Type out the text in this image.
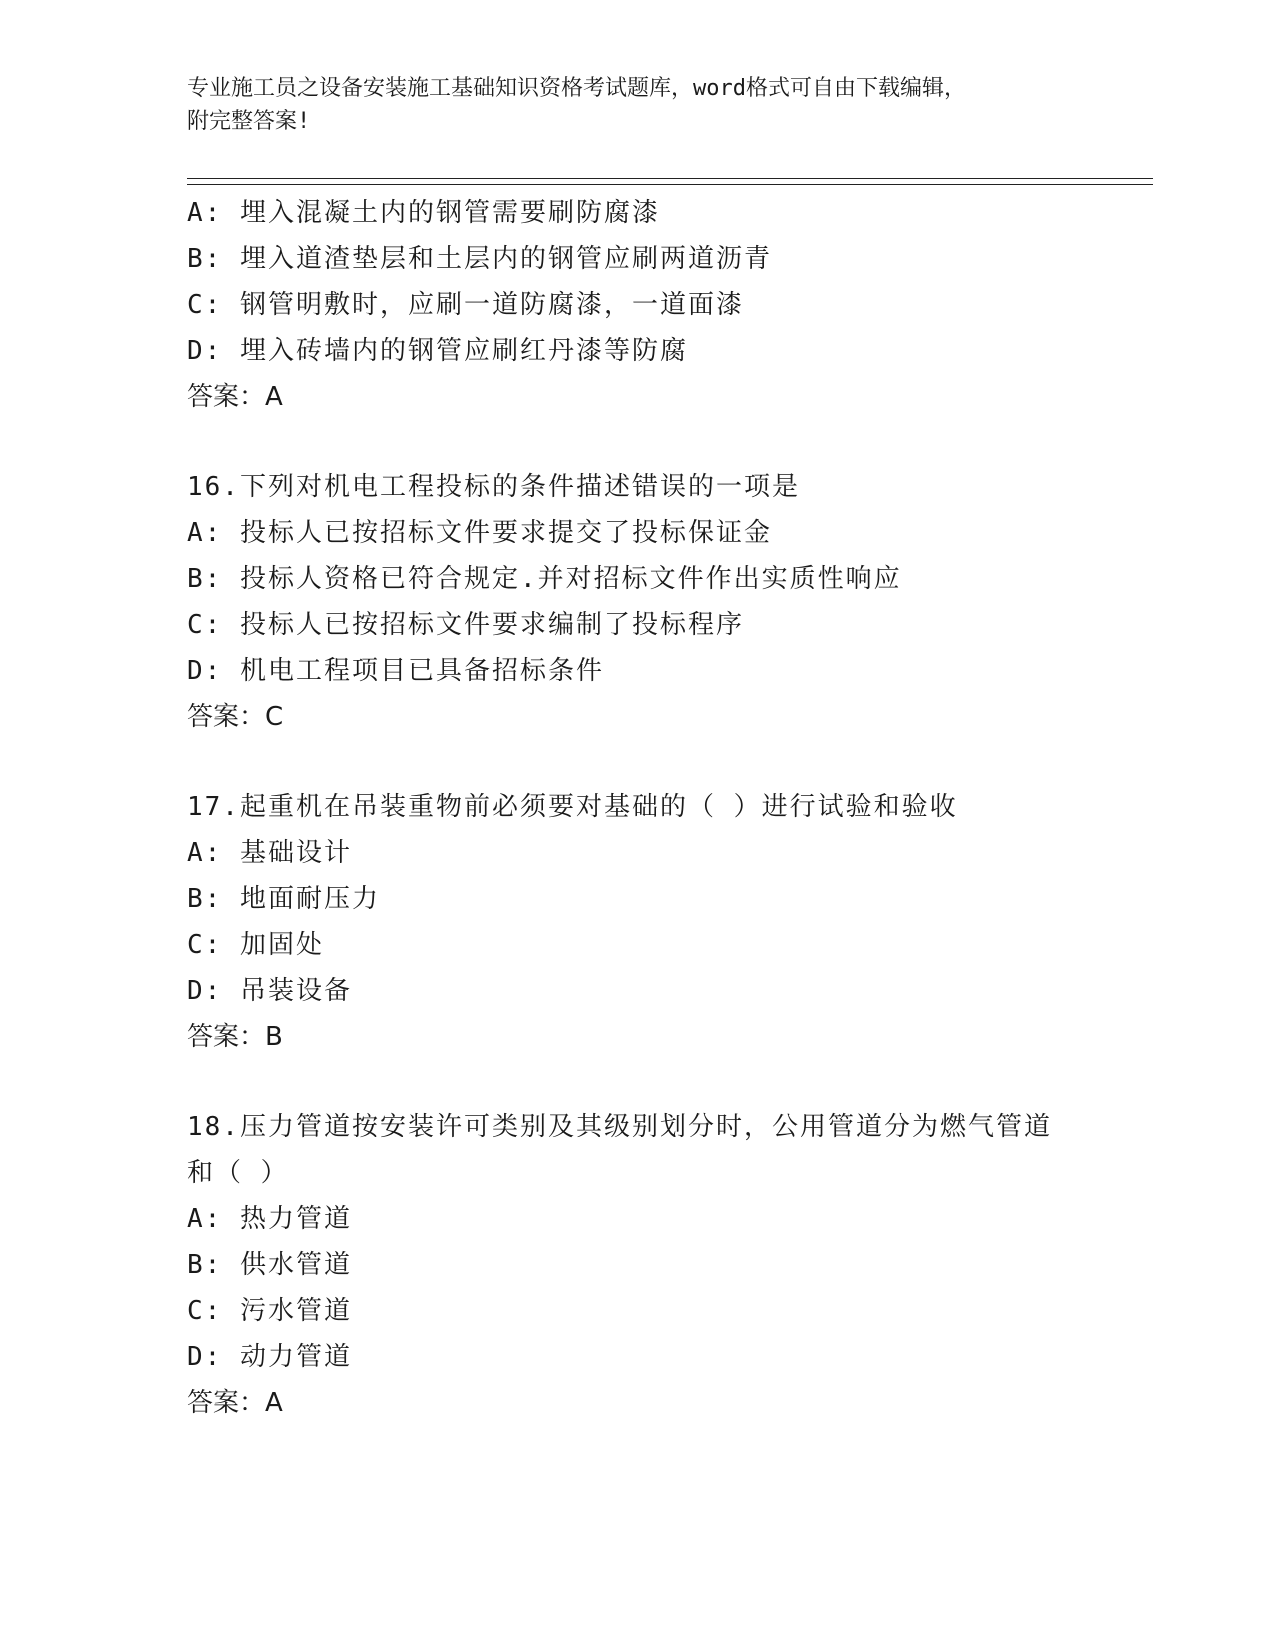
专业施工员之设备安装施工基础知识资格考试题库，word格式可自由下载编辑，
附完整答案!
A: 埋入混凝土内的钢管需要刷防腐漆
B: 埋入道渣垫层和土层内的钢管应刷两道沥青
C: 钢管明敷时，应刷一道防腐漆，一道面漆
D: 埋入砖墙内的钢管应刷红丹漆等防腐
答案：A
16.下列对机电工程投标的条件描述错误的一项是
A: 投标人已按招标文件要求提交了投标保证金
B: 投标人资格已符合规定.并对招标文件作出实质性响应
C: 投标人已按招标文件要求编制了投标程序
D: 机电工程项目已具备招标条件
答案：C
17.起重机在吊装重物前必须要对基础的（ ）进行试验和验收
A: 基础设计
B: 地面耐压力
C: 加固处
D: 吊装设备
答案：B
18.压力管道按安装许可类别及其级别划分时，公用管道分为燃气管道
和（ ）
A: 热力管道
B: 供水管道
C: 污水管道
D: 动力管道
答案：A
